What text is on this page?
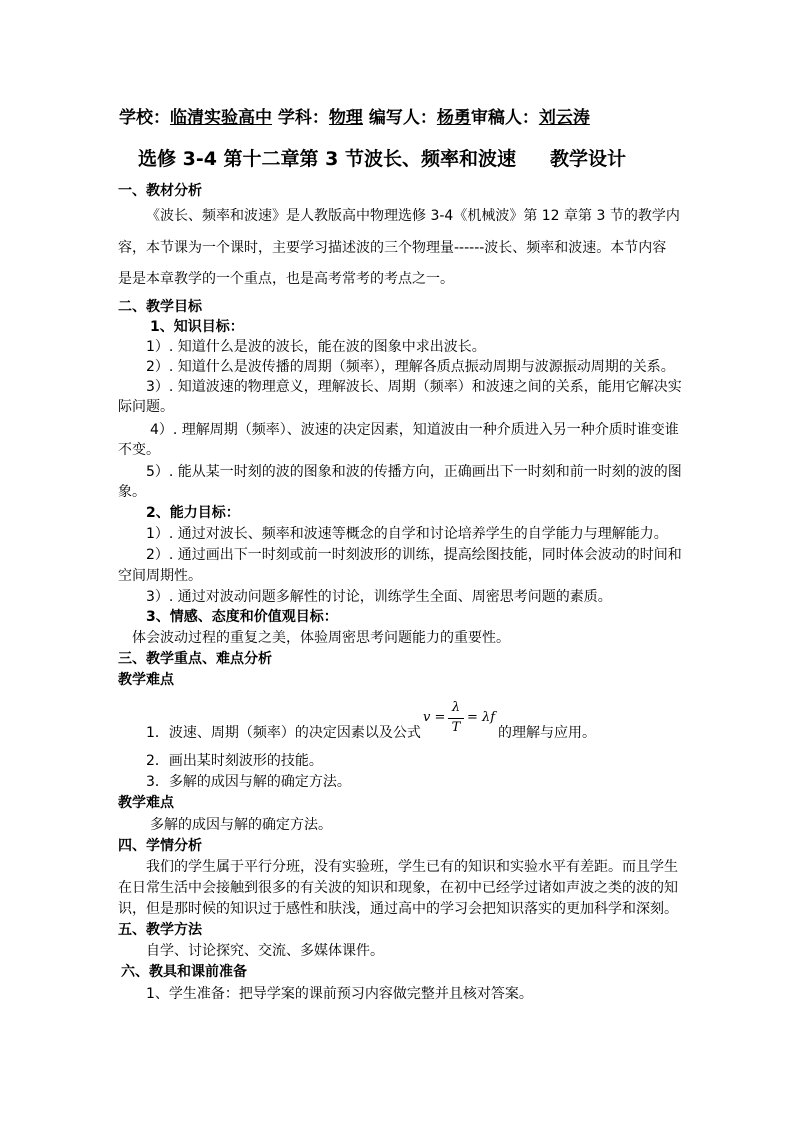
学校：临清实验高中 学科：物理 编写人：杨勇审稿人：刘云涛
选修 3-4 第十二章第 3 节波长、频率和波速 教学设计
一、教材分析
《波长、频率和波速》是人教版高中物理选修 3-4《机械波》第 12 章第 3 节的教学内
容，本节课为一个课时，主要学习描述波的三个物理量------波长、频率和波速。本节内容
是是本章教学的一个重点，也是高考常考的考点之一。
二、教学目标
1、知识目标：
1）. 知道什么是波的波长，能在波的图象中求出波长。
2）. 知道什么是波传播的周期（频率），理解各质点振动周期与波源振动周期的关系。
3）. 知道波速的物理意义，理解波长、周期（频率）和波速之间的关系，能用它解决实
际问题。
4）. 理解周期（频率）、波速的决定因素，知道波由一种介质进入另一种介质时谁变谁
不变。
5）. 能从某一时刻的波的图象和波的传播方向，正确画出下一时刻和前一时刻的波的图
象。
2、能力目标：
1）. 通过对波长、频率和波速等概念的自学和讨论培养学生的自学能力与理解能力。
2）. 通过画出下一时刻或前一时刻波形的训练，提高绘图技能，同时体会波动的时间和
空间周期性。
3）. 通过对波动问题多解性的讨论，训练学生全面、周密思考问题的素质。
3、情感、态度和价值观目标：
体会波动过程的重复之美，体验周密思考问题能力的重要性。
三、教学重点、难点分析
教学难点
1．波速、周期（频率）的决定因素以及公式
v =
λ
T
= λf
的理解与应用。
2．画出某时刻波形的技能。
3．多解的成因与解的确定方法。
教学难点
多解的成因与解的确定方法。
四、学情分析
我们的学生属于平行分班，没有实验班，学生已有的知识和实验水平有差距。而且学生
在日常生活中会接触到很多的有关波的知识和现象，在初中已经学过诸如声波之类的波的知
识，但是那时候的知识过于感性和肤浅，通过高中的学习会把知识落实的更加科学和深刻。
五、教学方法
自学、讨论探究、交流、多媒体课件。
六、教具和课前准备
1、学生准备：把导学案的课前预习内容做完整并且核对答案。
